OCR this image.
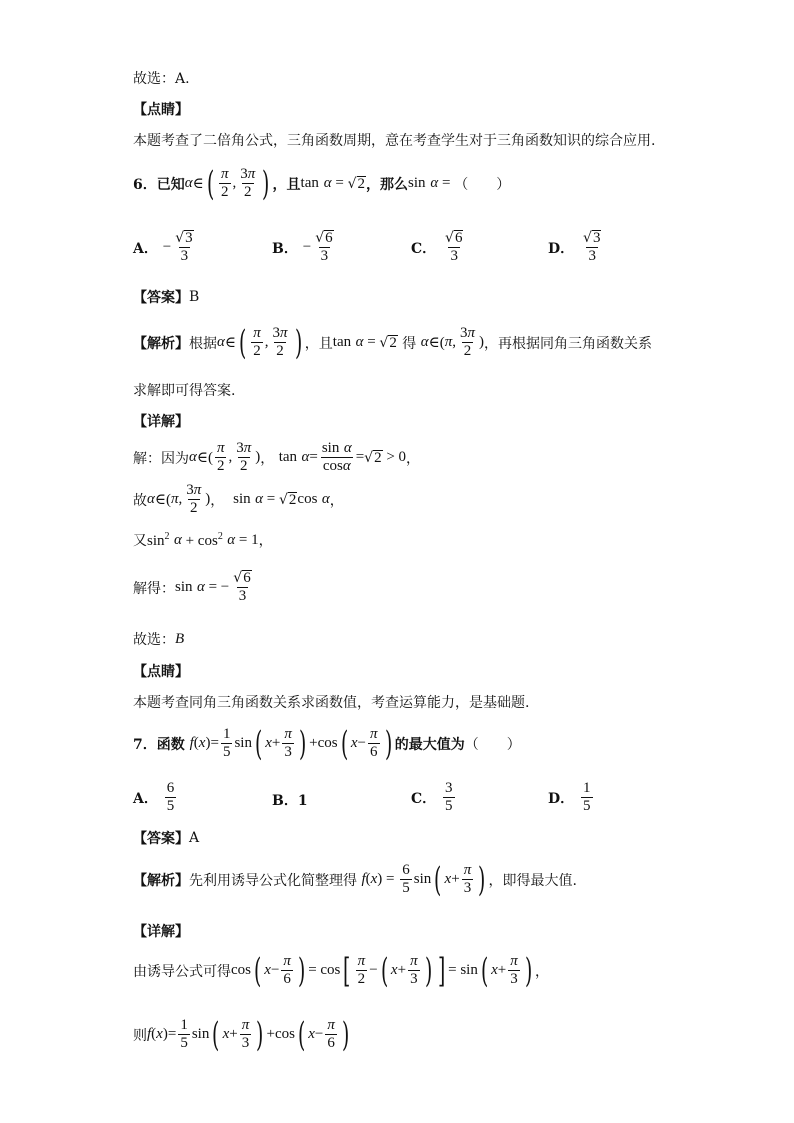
故选：A.
【点睛】
本题考查了二倍角公式，三角函数周期，意在考查学生对于三角函数知识的综合应用.
6．已知 α ∈ ( $\frac{\pi}{2}$ , $\frac{3\pi}{2}$ ) ，且 tan
α = √ 2 ，那么 sin
α = （　　）
A．
− $\frac{√ 3}{3}$	B．
− $\frac{√ 6}{3}$	C．
$\frac{√ 6}{3}$	D．
$\frac{√ 3}{3}$
【答案】 B
【解析】 根据 α ∈ ( $\frac{\pi}{2}$ , $\frac{3\pi}{2}$ ) ，且 tan
α = √ 2
得
α ∈( π , $\frac{3\pi}{2}$ ) ，再根据同角三角函数关系
求解即可得答案.
【详解】
解：因为 α ∈( $\frac{\pi}{2}$ , $\frac{3\pi}{2}$ ) ，
tan
$\alpha = \frac{\text{sin α}}{\cos\alpha}$ = √ 2 > 0 ，
故 α ∈( π , $\frac{3\pi}{2}$ ) ，
sin
α = √ 2 cos
α ，
又 $\sin^2$
$\alpha + \cos^2$
α = 1 ，
解得： sin
α = − $\frac{√ 6}{3}$
故选： B
【点睛】
本题考查同角三角函数关系求函数值，考查运算能力，是基础题.
7．函数
f ( x )= $\frac{1}{5}$ sin ( $x + \frac{\pi}{3}$ ) +cos ( $x - \frac{\pi}{6}$ ) 的最大值为 （　　）
A．
$\frac{6}{5}$	B．1	C．
$\frac{3}{5}$	D．
$\frac{1}{5}$
【答案】 A
【解析】 先利用诱导公式化简整理得
f ( x ) = $\frac{6}{5}$ sin ( $x + \frac{\pi}{3}$ ) ，即得最大值.
【详解】
由诱导公式可得 cos ( $x - \frac{\pi}{6}$ ) = cos [ $\frac{\pi}{2}$ − ( $x + \frac{\pi}{3}$ ) ] = sin ( $x + \frac{\pi}{3}$ ) ，
则 f ( x )= $\frac{1}{5}$ sin ( $x + \frac{\pi}{3}$ ) +cos ( $x - \frac{\pi}{6}$ )
